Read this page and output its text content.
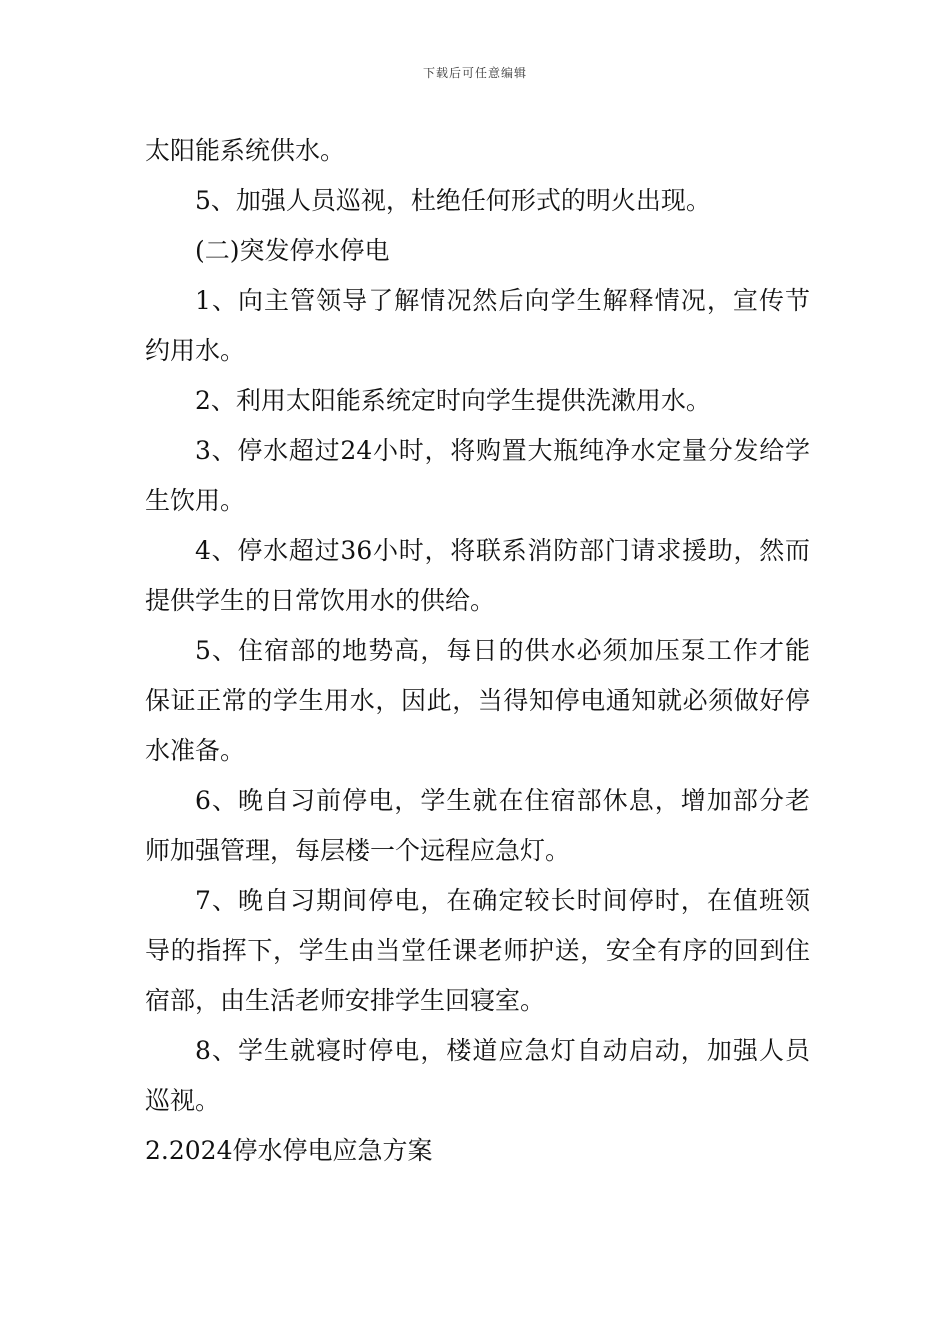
下载后可任意编辑

太阳能系统供水。

5、加强人员巡视，杜绝任何形式的明火出现。

(二)突发停水停电

1、向主管领导了解情况然后向学生解释情况，宣传节约用水。

2、利用太阳能系统定时向学生提供洗漱用水。

3、停水超过24小时，将购置大瓶纯净水定量分发给学生饮用。

4、停水超过36小时，将联系消防部门请求援助，然而提供学生的日常饮用水的供给。

5、住宿部的地势高，每日的供水必须加压泵工作才能保证正常的学生用水，因此，当得知停电通知就必须做好停水准备。

6、晚自习前停电，学生就在住宿部休息，增加部分老师加强管理，每层楼一个远程应急灯。

7、晚自习期间停电，在确定较长时间停时，在值班领导的指挥下，学生由当堂任课老师护送，安全有序的回到住宿部，由生活老师安排学生回寝室。

8、学生就寝时停电，楼道应急灯自动启动，加强人员巡视。

2.2024停水停电应急方案
